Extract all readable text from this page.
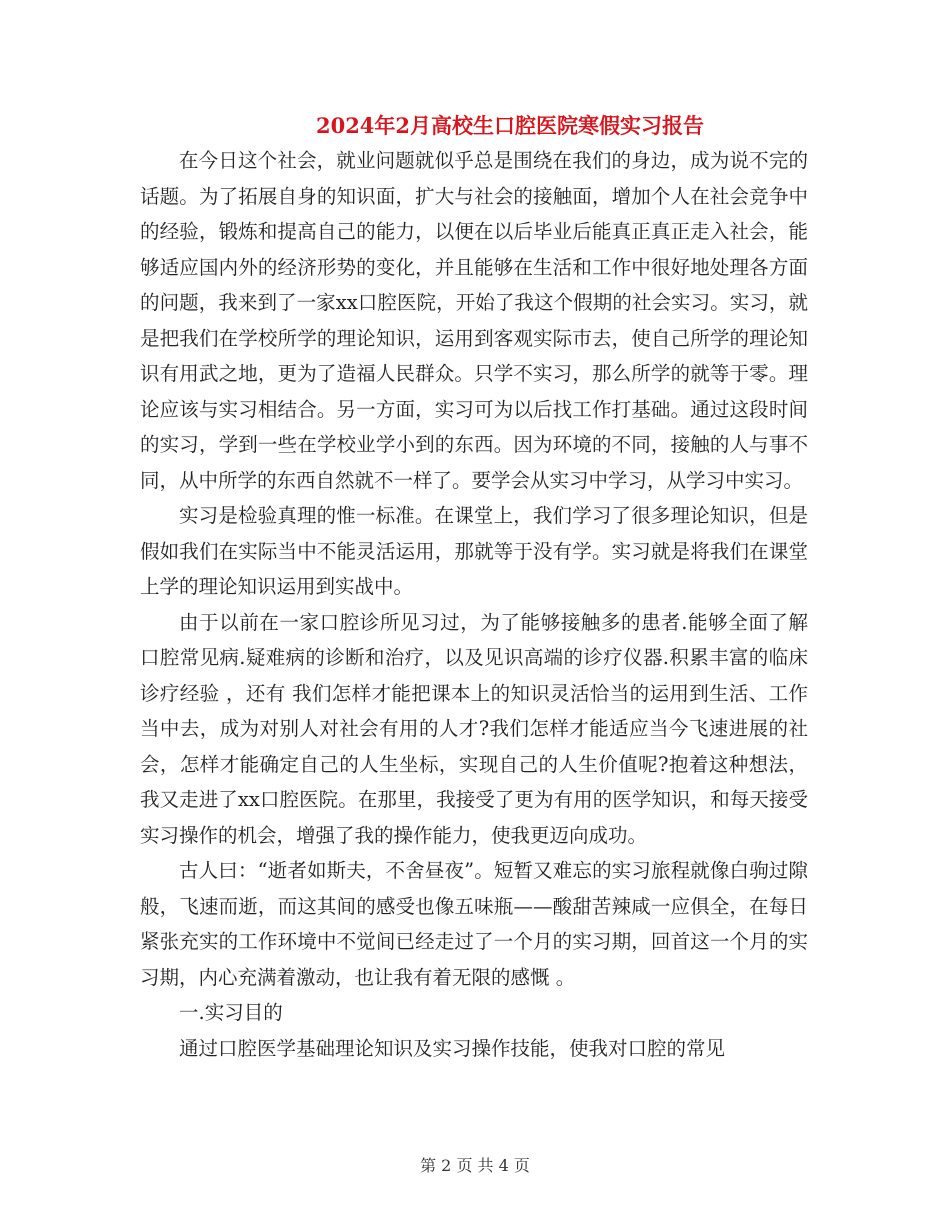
2024年2月高校生口腔医院寒假实习报告

在今日这个社会，就业问题就似乎总是围绕在我们的身边，成为说不完的话题。为了拓展自身的知识面，扩大与社会的接触面，增加个人在社会竞争中的经验，锻炼和提高自己的能力，以便在以后毕业后能真正真正走入社会，能够适应国内外的经济形势的变化，并且能够在生活和工作中很好地处理各方面的问题，我来到了一家xx口腔医院，开始了我这个假期的社会实习。实习，就是把我们在学校所学的理论知识，运用到客观实际巿去，使自己所学的理论知识有用武之地，更为了造福人民群众。只学不实习，那么所学的就等于零。理论应该与实习相结合。另一方面，实习可为以后找工作打基础。通过这段时间的实习，学到一些在学校业学小到的东西。因为环境的不同，接触的人与事不同，从中所学的东西自然就不一样了。要学会从实习中学习，从学习中实习。

实习是检验真理的惟一标准。在课堂上，我们学习了很多理论知识，但是假如我们在实际当中不能灵活运用，那就等于没有学。实习就是将我们在课堂上学的理论知识运用到实战中。

由于以前在一家口腔诊所见习过，为了能够接触多的患者.能够全面了解口腔常见病.疑难病的诊断和治疗，以及见识高端的诊疗仪器.积累丰富的临床诊疗经验 ，还有 我们怎样才能把课本上的知识灵活恰当的运用到生活、工作当中去，成为对别人对社会有用的人才?我们怎样才能适应当今飞速进展的社会，怎样才能确定自己的人生坐标，实现自己的人生价值呢?抱着这种想法，我又走进了xx口腔医院。在那里，我接受了更为有用的医学知识，和每天接受实习操作的机会，增强了我的操作能力，使我更迈向成功。

古人曰：“逝者如斯夫，不舍昼夜”。短暂又难忘的实习旅程就像白驹过隙般，飞速而逝，而这其间的感受也像五味瓶——酸甜苦辣咸一应俱全，在每日紧张充实的工作环境中不觉间已经走过了一个月的实习期，回首这一个月的实习期，内心充满着激动，也让我有着无限的感慨 。

一.实习目的

通过口腔医学基础理论知识及实习操作技能，使我对口腔的常见

第 2 页 共 4 页
